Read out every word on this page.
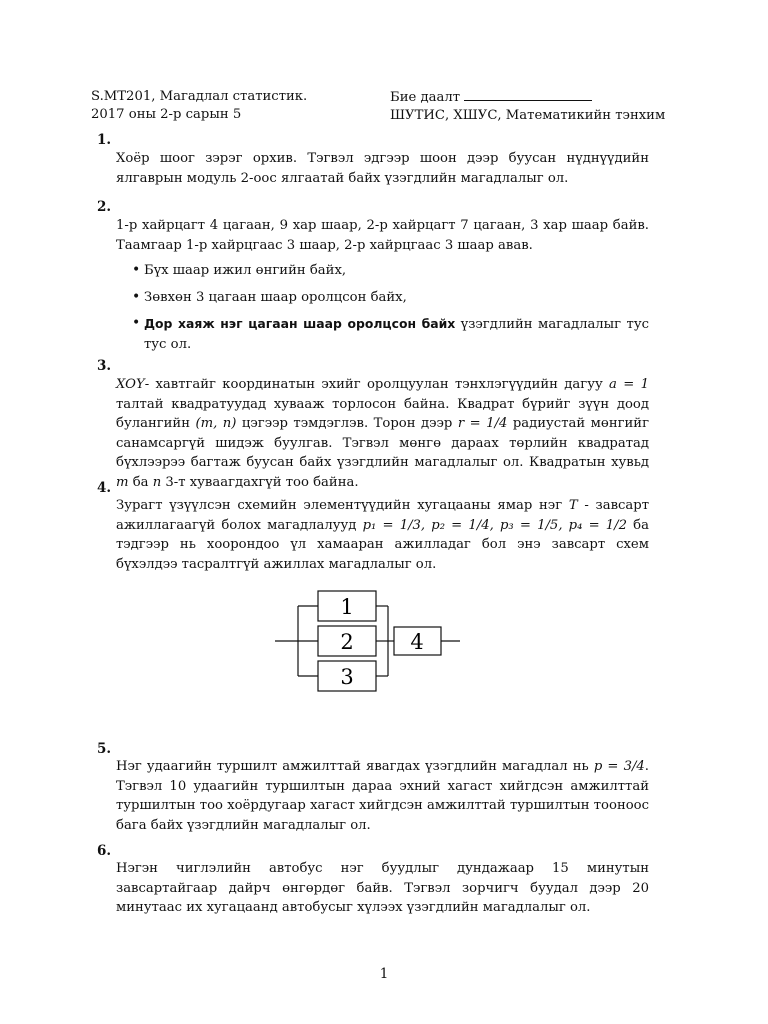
S.MT201, Магадлал статистик.
2017 оны 2-р сарын 5
Бие даалт
ШУТИС, ХШУС, Математикийн тэнхим
1.

Хоёр шоог зэрэг орхив. Тэгвэл эдгээр шоон дээр буусан нүднүүдийн ялгаврын модуль 2-оос ялгаатай байх үзэгдлийн магадлалыг ол.

2.

1-р хайрцагт 4 цагаан, 9 хар шаар, 2-р хайрцагт 7 цагаан, 3 хар шаар байв. Таамгаар 1-р хайрцгаас 3 шаар, 2-р хайрцгаас 3 шаар авав.

• Бүх шаар ижил өнгийн байх,
• Зөвхөн 3 цагаан шаар оролцсон байх,
• Дор хаяж нэг цагаан шаар оролцсон байх үзэгдлийн магадлалыг тус тус ол.
3.

XOY- хавтгайг координатын эхийг оролцуулан тэнхлэгүүдийн дагуу a = 1 талтай квадратуудад хувааж торлосон байна. Квадрат бүрийг зүүн доод булангийн (m, n) цэгээр тэмдэглэв. Торон дээр r = 1/4 радиустай мөнгийг санамсаргүй шидэж буулгав. Тэгвэл мөнгө дараах төрлийн квадратад бүхлээрээ багтаж буусан байх үзэгдлийн магадлалыг ол. Квадратын хувьд m ба n 3-т хуваагдахгүй тоо байна.

4.

Зурагт үзүүлсэн схемийн элементүүдийн хугацааны ямар нэг T - завсарт ажиллагаагүй болох магадлалууд p₁ = 1/3, p₂ = 1/4, p₃ = 1/5, p₄ = 1/2 ба тэдгээр нь хоорондоо үл хамааран ажилладаг бол энэ завсарт схем бүхэлдээ тасралтгүй ажиллах магадлалыг ол.

1
2
3
4
5.

Нэг удаагийн туршилт амжилттай явагдах үзэгдлийн магадлал нь p = 3/4. Тэгвэл 10 удаагийн туршилтын дараа эхний хагаст хийгдсэн амжилттай туршилтын тоо хоёрдугаар хагаст хийгдсэн амжилттай туршилтын тооноос бага байх үзэгдлийн магадлалыг ол.

6.

Нэгэн чиглэлийн автобус нэг буудлыг дундажаар 15 минутын завсартайгаар дайрч өнгөрдөг байв. Тэгвэл зорчигч буудал дээр 20 минутаас их хугацаанд автобусыг хүлээх үзэгдлийн магадлалыг ол.

1
